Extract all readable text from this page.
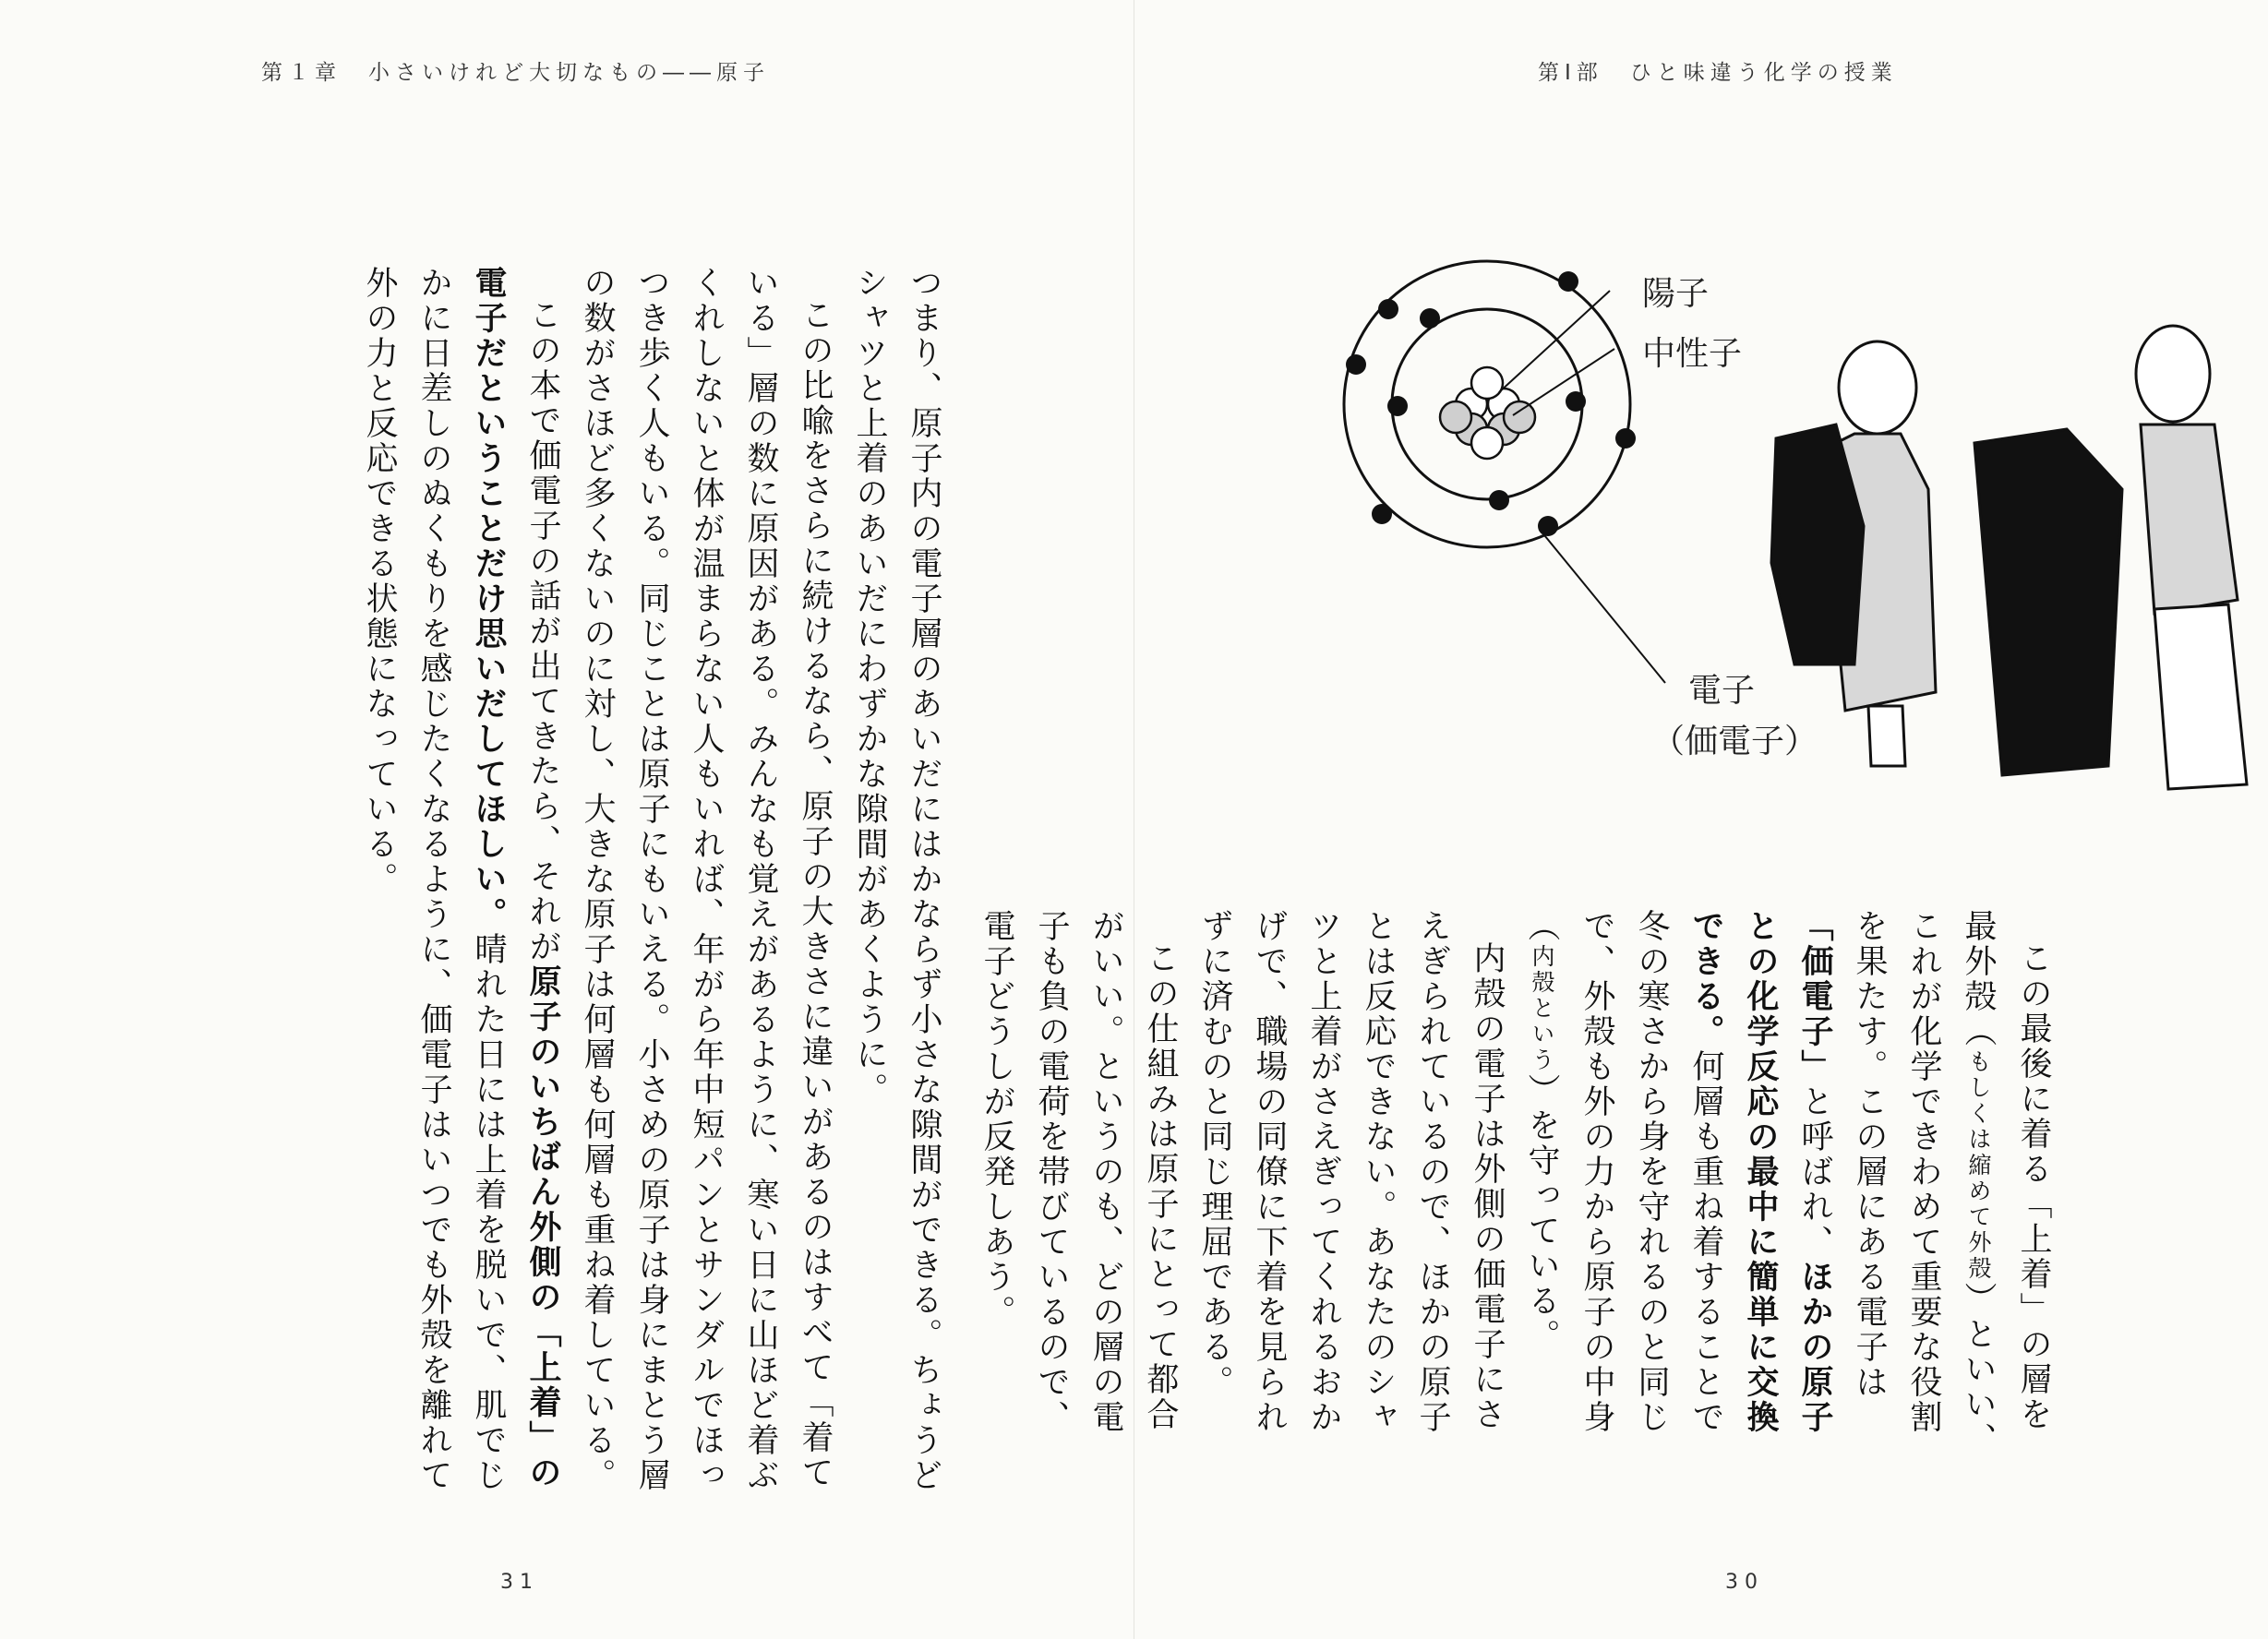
第１章　小さいけれど大切なもの――原子

つまり、原子内の電子層のあいだにはかならず小さな隙間ができる。ちょうどシャツと上着のあいだにわずかな隙間があくように。

この比喩をさらに続けるなら、原子の大きさに違いがあるのはすべて「着ている」層の数に原因がある。みんなも覚えがあるように、寒い日に山ほど着ぶくれしないと体が温まらない人もいれば、年がら年中短パンとサンダルでほっつき歩く人もいる。同じことは原子にもいえる。小さめの原子は身にまとう層の数がさほど多くないのに対し、大きな原子は何層も何層も重ね着している。

この本で価電子の話が出てきたら、それが原子のいちばん外側の「上着」の電子だということだけ思いだしてほしい。晴れた日には上着を脱いで、肌でじかに日差しのぬくもりを感じたくなるように、価電子はいつでも外殻を離れて外の力と反応できる状態になっている。

31
第Ⅰ部　ひと味違う化学の授業
陽子
中性子
電子
（価電子）

この最後に着る「上着」の層を最外殻（もしくは縮めて外殻）といい、これが化学できわめて重要な役割を果たす。この層にある電子は「価電子」と呼ばれ、ほかの原子との化学反応の最中に簡単に交換できる。何層も重ね着することで冬の寒さから身を守れるのと同じで、外殻も外の力から原子の中身（内殻という）を守っている。

内殻の電子は外側の価電子にさえぎられているので、ほかの原子とは反応できない。あなたのシャツと上着がさえぎってくれるおかげで、職場の同僚に下着を見られずに済むのと同じ理屈である。

この仕組みは原子にとって都合がいい。というのも、どの層の電子も負の電荷を帯びているので、電子どうしが反発しあう。

30
